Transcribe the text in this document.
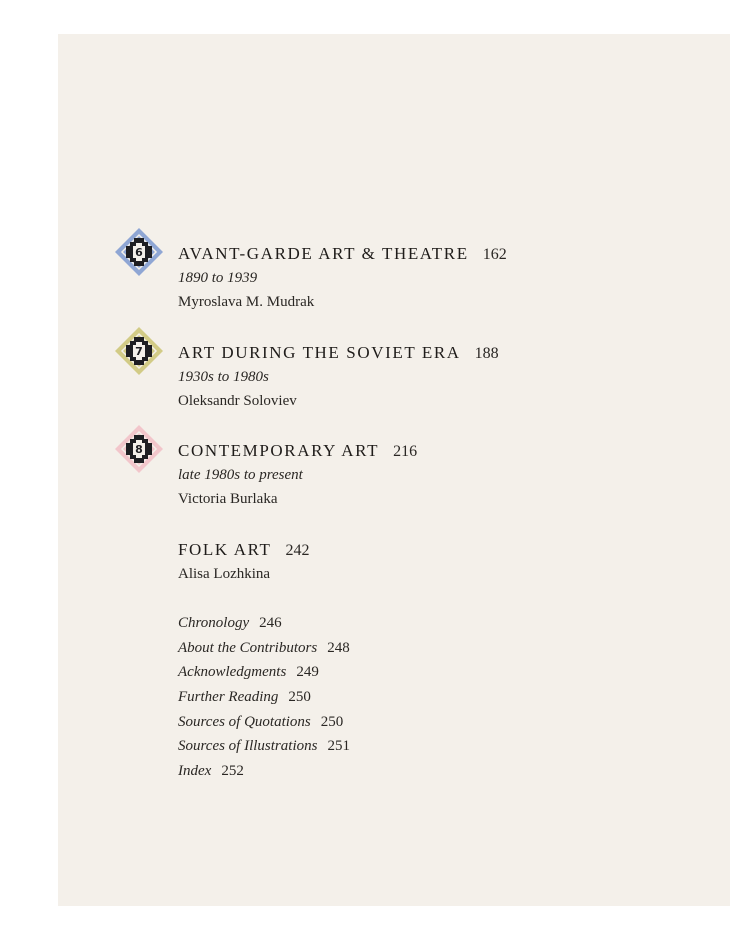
6 AVANT-GARDE ART & THEATRE 162
1890 to 1939
Myroslava M. Mudrak
7 ART DURING THE SOVIET ERA 188
1930s to 1980s
Oleksandr Soloviev
8 CONTEMPORARY ART 216
late 1980s to present
Victoria Burlaka
FOLK ART 242
Alisa Lozhkina
Chronology 246
About the Contributors 248
Acknowledgments 249
Further Reading 250
Sources of Quotations 250
Sources of Illustrations 251
Index 252
